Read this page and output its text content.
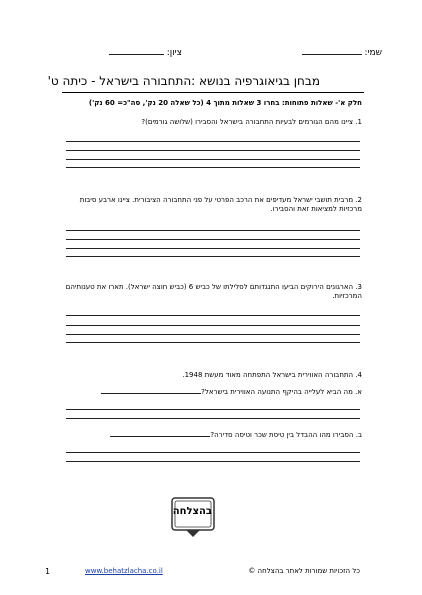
שמי:
ציון:
מבחן בגיאוגרפיה בנושא :התחבורה בישראל - כיתה ט'
חלק א'- שאלות פתוחות: בחרו 3 שאלות מתוך 4 (כל שאלה 20 נק', סה"כ= 60 נק')
1. ציינו מהם הגורמים לבעיות התחבורה בישראל והסבירו (שלושה גורמים)?
2. מרבית תושבי ישראל מעדיפים את הרכב הפרטי על פני התחבורה הציבורית. ציינו ארבע סיבות מרכזיות למציאות זאת והסבירו.
3. הארגונים הירוקים הביעו התנגדותם לסלילתו של כביש 6 (כביש חוצה ישראל). תארו את טענותיהם המרכזיות.
4. התחבורה האווירית בישראל התפתחה מאוד מעשת 1948.
א. מה הביא לעלייה בהיקף התנועה האווירית בישראל?
ב. הסבירו מהו ההבדל בין טיסת שכר וטיסה סדירה?
בהצלחה
1	www.behatzlacha.co.il	כל הזכויות שמורות לאתר בהצלחה ©
